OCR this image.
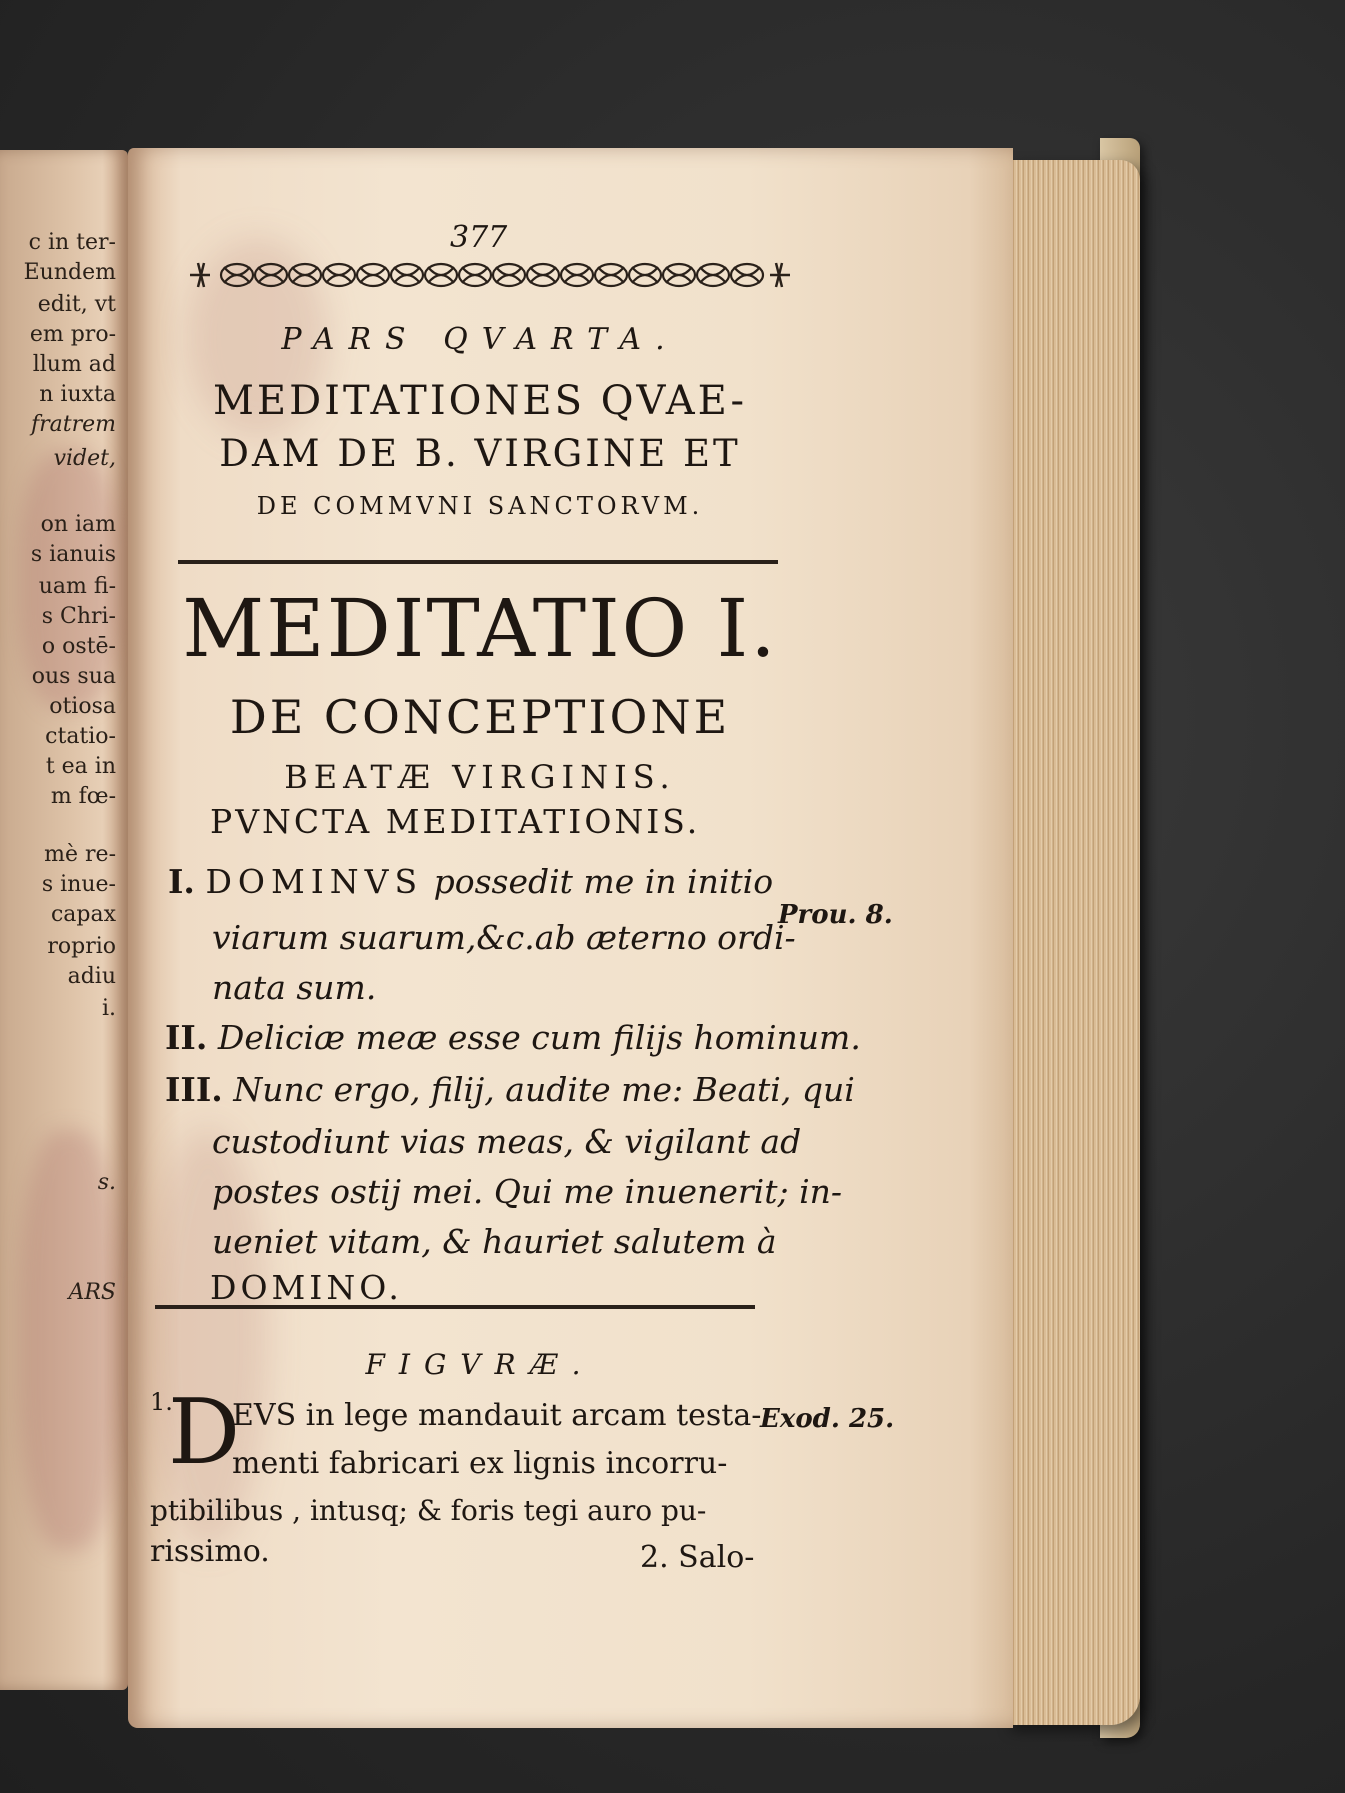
c in ter-
Eundem
edit, vt
em pro-
llum ad
n iuxta
fratrem
videt,
on iam
s ianuis
uam fi-
s Chri-
o ostē-
ous sua
otiosa
ctatio-
t ea in
m fœ-
mè re-
s inue-
capax
roprio
adiu
i.
s.
ARS
377
PARS QVARTA.
MEDITATIONES QVAE-
DAM DE B. VIRGINE ET
DE COMMVNI SANCTORVM.
MEDITATIO I.
DE CONCEPTIONE
BEATÆ VIRGINIS.
PVNCTA MEDITATIONIS.
I. DOMINVS possedit me in initio
Prou. 8.
viarum suarum,&c.ab æterno ordi-
nata sum.
II. Deliciæ meæ esse cum filijs hominum.
III. Nunc ergo, filij, audite me: Beati, qui
custodiunt vias meas, & vigilant ad
postes ostij mei. Qui me inuenerit; in-
ueniet vitam, & hauriet salutem à
DOMINO.
FIGVRÆ.
1.
D
EVS in lege mandauit arcam testa-
Exod. 25.
menti fabricari ex lignis incorru-
ptibilibus , intusq; & foris tegi auro pu-
rissimo.	2. Salo-
